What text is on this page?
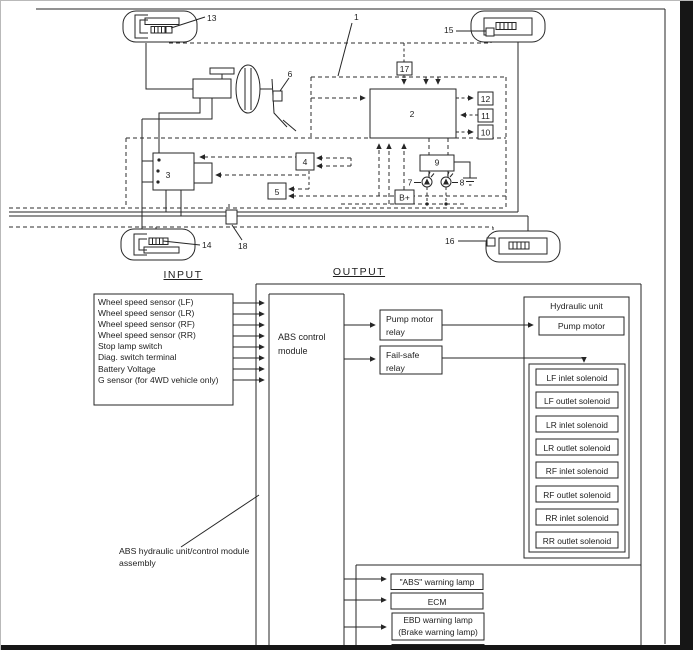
1
2
3
4
5
6
7	8
9
10
11
12
13
14
15
16
17
18
B+
INPUT	OUTPUT
Wheel speed sensor (LF)
Wheel speed sensor (LR)
Wheel speed sensor (RF)
Wheel speed sensor (RR)
Stop lamp switch
Diag. switch terminal
Battery Voltage
G sensor (for 4WD vehicle only)
ABS control module
Pump motor relay
Fail-safe relay
Hydraulic unit
Pump motor
LF inlet solenoid
LF outlet solenoid
LR inlet solenoid
LR outlet solenoid
RF inlet solenoid
RF outlet solenoid
RR inlet solenoid
RR outlet solenoid
"ABS" warning lamp
ECM
EBD warning lamp (Brake warning lamp)
ABS hydraulic unit/control module assembly
